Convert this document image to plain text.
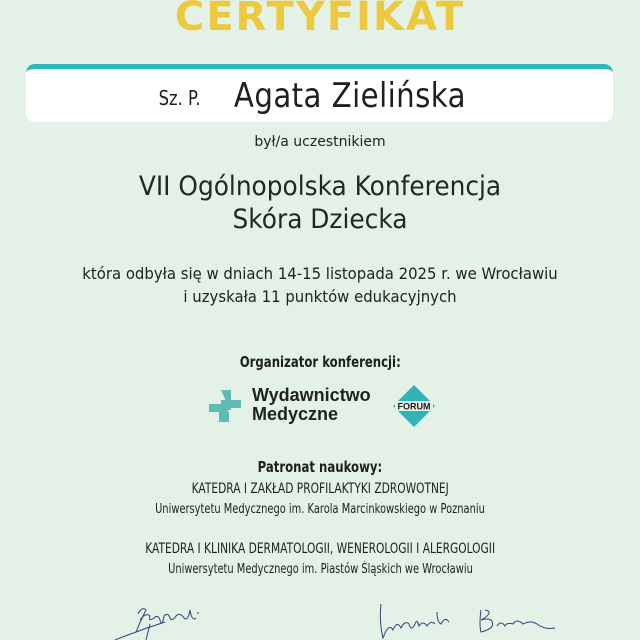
CERTYFIKAT
Sz. P. Agata Zielińska
był/a uczestnikiem
VII Ogólnopolska Konferencja
Skóra Dziecka
która odbyła się w dniach 14-15 listopada 2025 r. we Wrocławiu
i uzyskała 11 punktów edukacyjnych
Organizator konferencji:
Wydawnictwo
Medyczne	FORUM
Patronat naukowy:
KATEDRA I ZAKŁAD PROFILAKTYKI ZDROWOTNEJ
Uniwersytetu Medycznego im. Karola Marcinkowskiego w Poznaniu
KATEDRA I KLINIKA DERMATOLOGII, WENEROLOGII I ALERGOLOGII
Uniwersytetu Medycznego im. Piastów Śląskich we Wrocławiu
